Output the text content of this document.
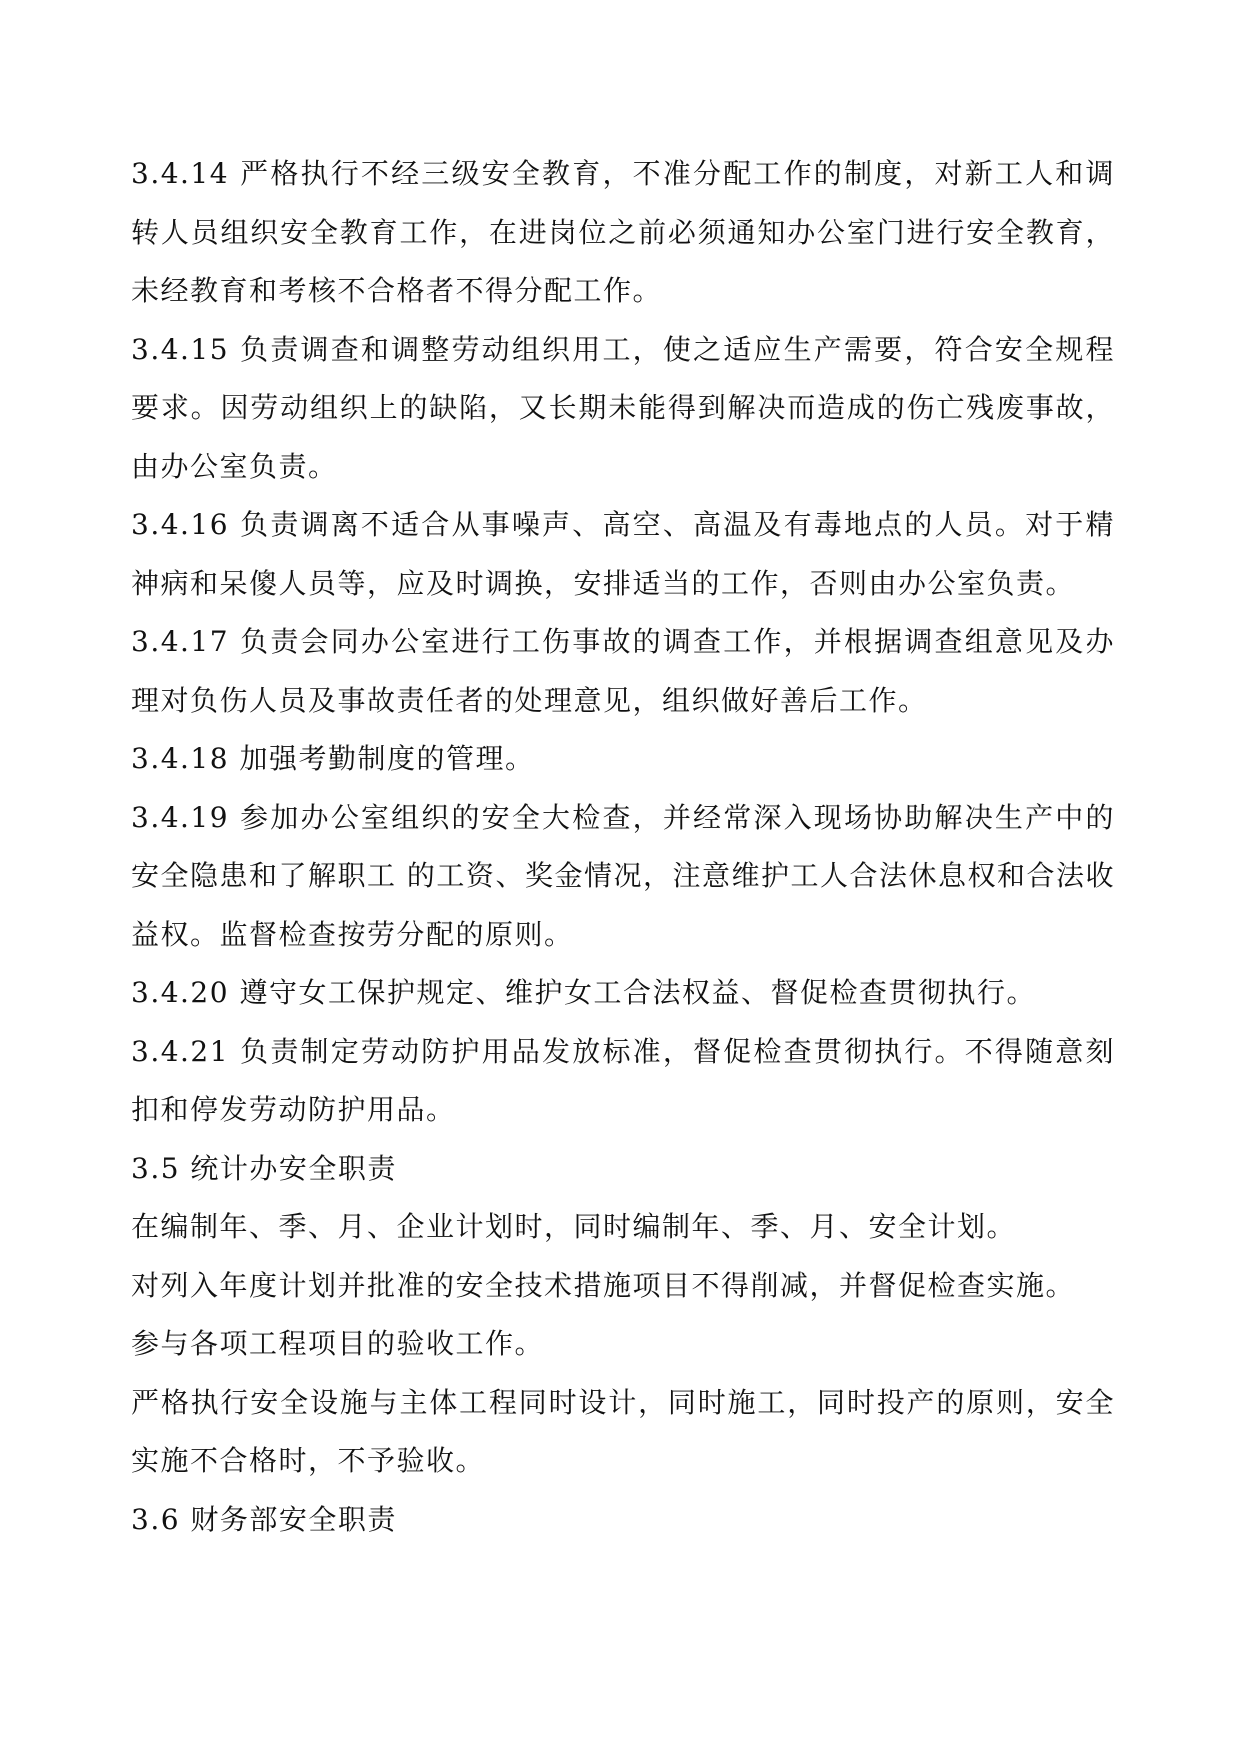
3.4.14 严格执行不经三级安全教育，不准分配工作的制度，对新工人和调转人员组织安全教育工作，在进岗位之前必须通知办公室门进行安全教育，未经教育和考核不合格者不得分配工作。

3.4.15 负责调查和调整劳动组织用工，使之适应生产需要，符合安全规程要求。因劳动组织上的缺陷，又长期未能得到解决而造成的伤亡残废事故，由办公室负责。

3.4.16 负责调离不适合从事噪声、高空、高温及有毒地点的人员。对于精神病和呆傻人员等，应及时调换，安排适当的工作，否则由办公室负责。

3.4.17 负责会同办公室进行工伤事故的调查工作，并根据调查组意见及办理对负伤人员及事故责任者的处理意见，组织做好善后工作。

3.4.18 加强考勤制度的管理。

3.4.19 参加办公室组织的安全大检查，并经常深入现场协助解决生产中的安全隐患和了解职工 的工资、奖金情况，注意维护工人合法休息权和合法收益权。监督检查按劳分配的原则。

3.4.20 遵守女工保护规定、维护女工合法权益、督促检查贯彻执行。

3.4.21 负责制定劳动防护用品发放标准，督促检查贯彻执行。不得随意刻扣和停发劳动防护用品。

3.5 统计办安全职责

在编制年、季、月、企业计划时，同时编制年、季、月、安全计划。

对列入年度计划并批准的安全技术措施项目不得削减，并督促检查实施。

参与各项工程项目的验收工作。

严格执行安全设施与主体工程同时设计，同时施工，同时投产的原则，安全实施不合格时，不予验收。

3.6 财务部安全职责
